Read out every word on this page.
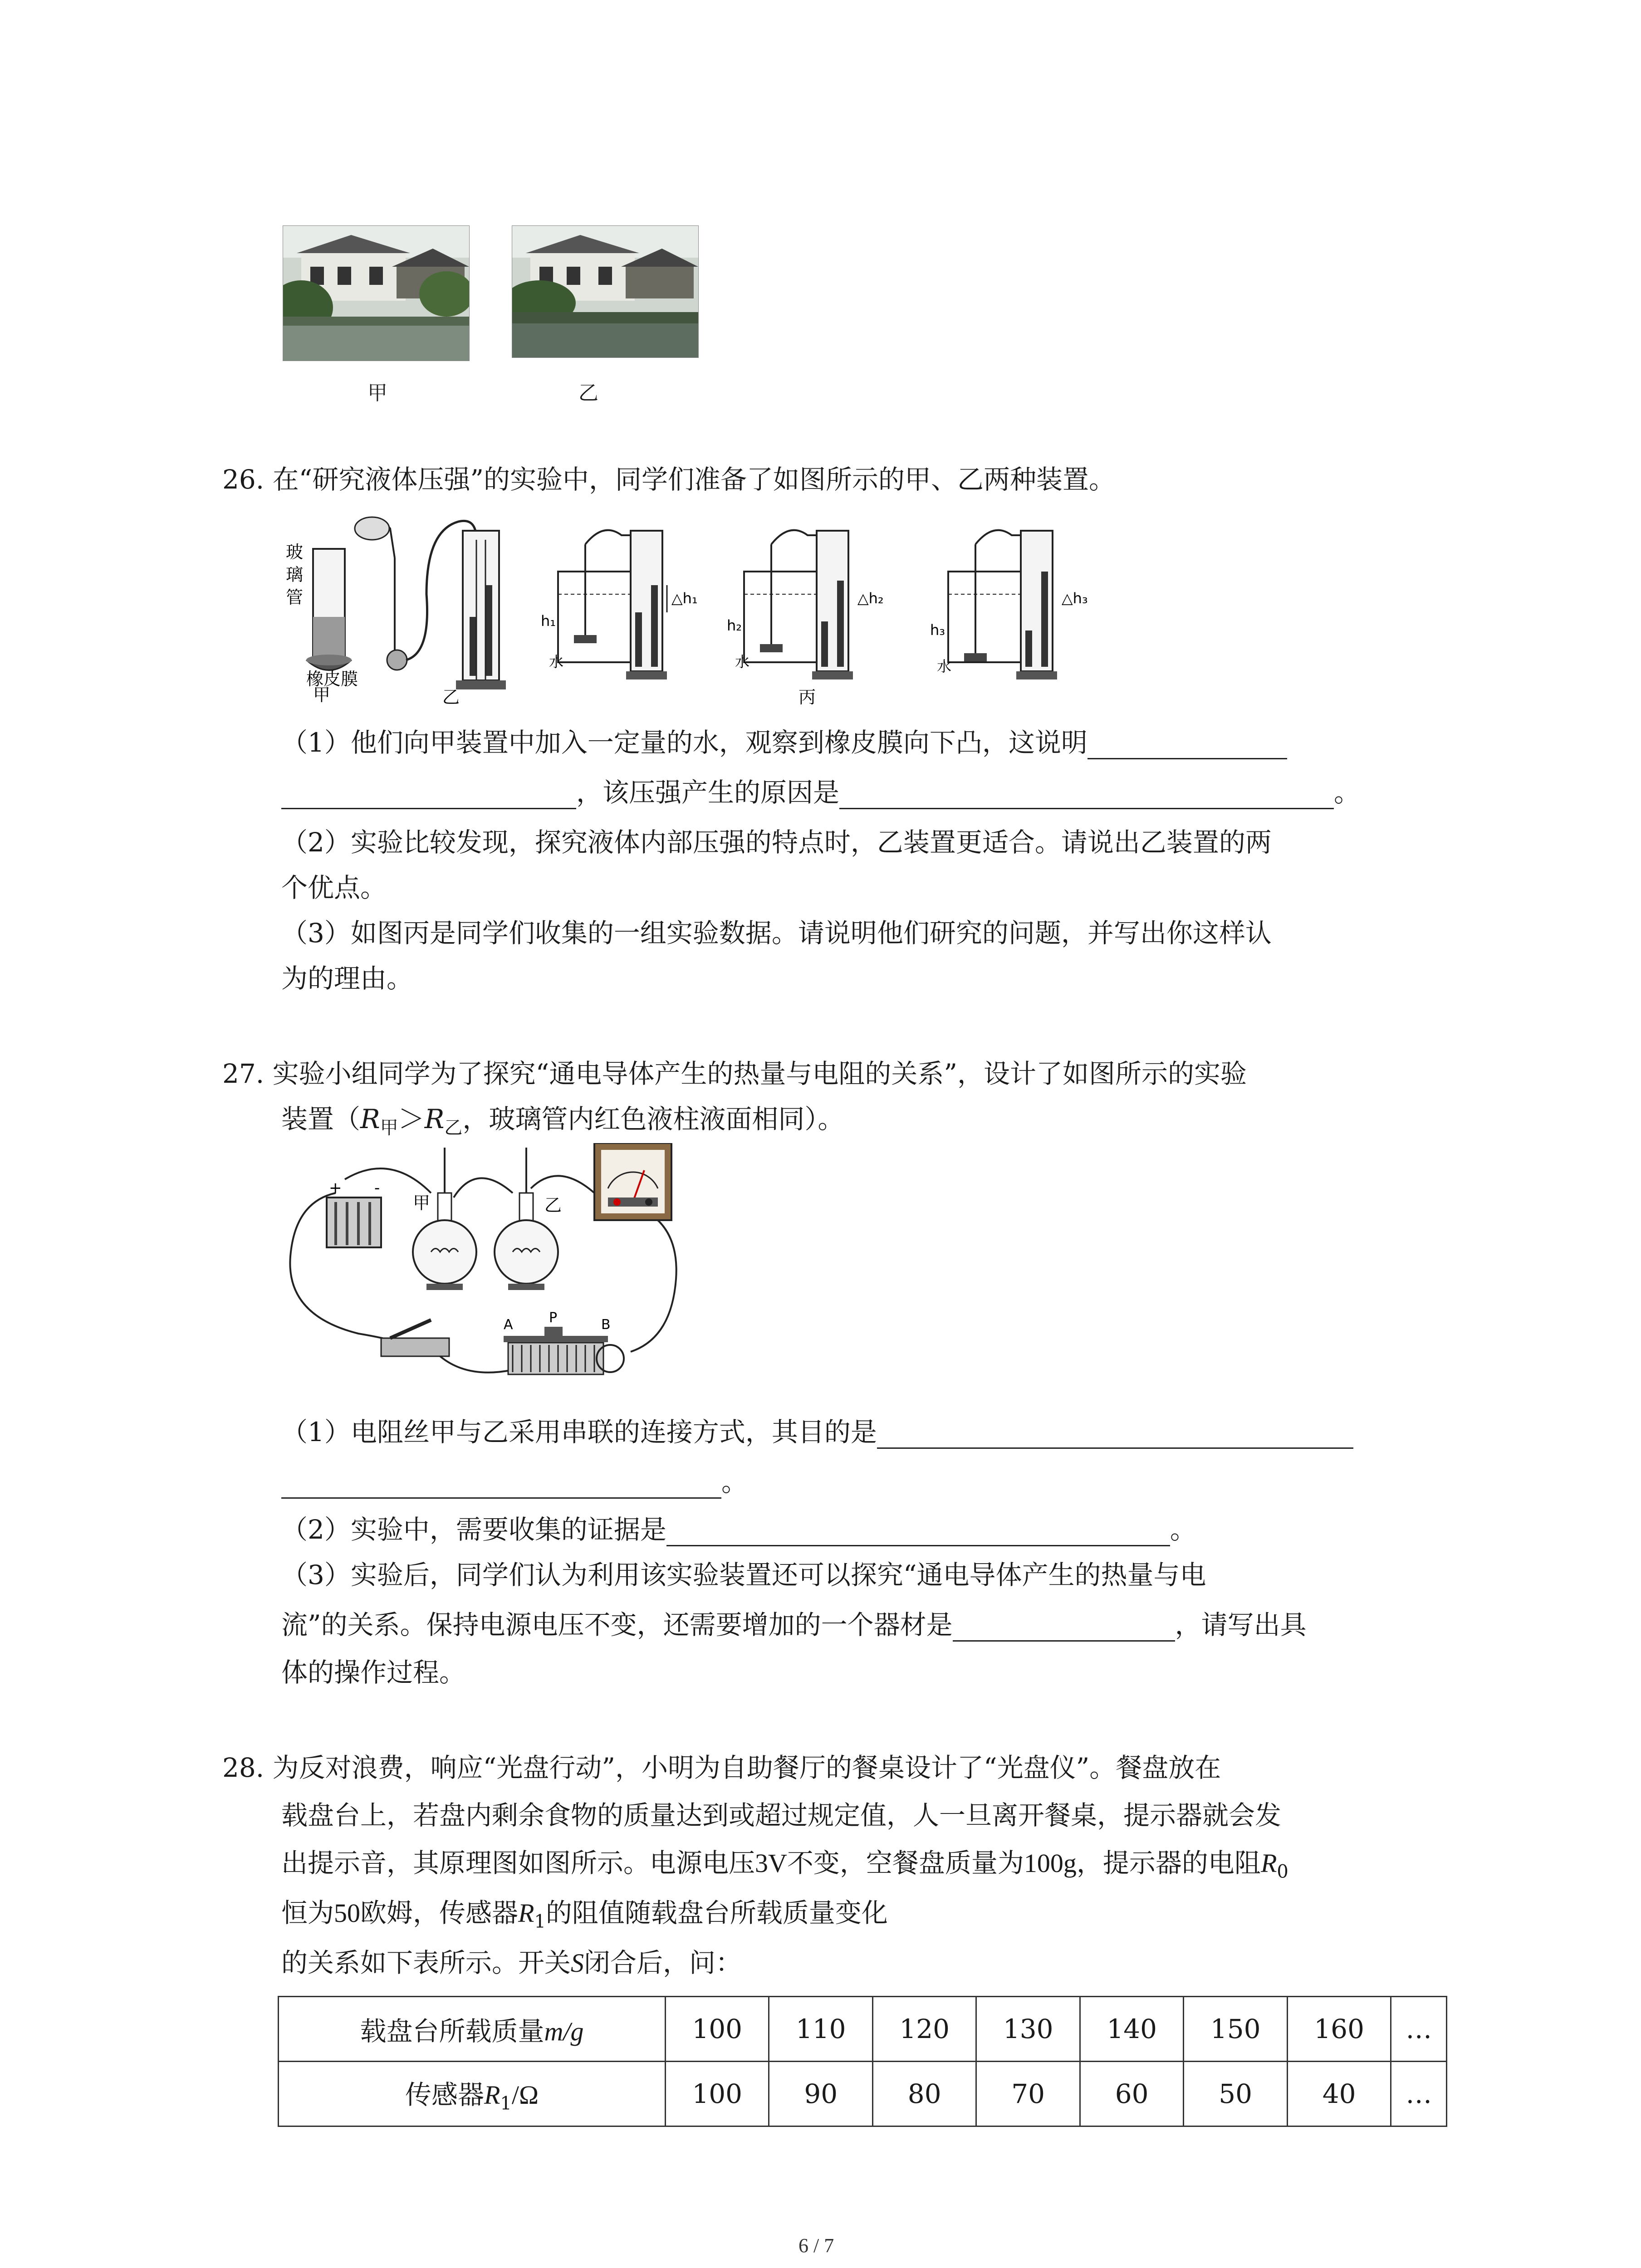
甲	乙
26. 在“研究液体压强”的实验中，同学们准备了如图所示的甲、乙两种装置。
玻
璃
管
橡皮膜
甲	乙
h₁
△h₁
水
h₂
△h₂
水
丙
h₃
△h₃
水
（1）他们向甲装置中加入一定量的水，观察到橡皮膜向下凸，这说明
，该压强产生的原因是	。
（2）实验比较发现，探究液体内部压强的特点时，乙装置更适合。请说出乙装置的两
个优点。
（3）如图丙是同学们收集的一组实验数据。请说明他们研究的问题，并写出你这样认
为的理由。
27. 实验小组同学为了探究“通电导体产生的热量与电阻的关系”，设计了如图所示的实验
装置（$R_甲>R_乙$，玻璃管内红色液柱液面相同）。
+ -
甲	乙
A	P	B
（1）电阻丝甲与乙采用串联的连接方式，其目的是
。
（2）实验中，需要收集的证据是	。
（3）实验后，同学们认为利用该实验装置还可以探究“通电导体产生的热量与电
流”的关系。保持电源电压不变，还需要增加的一个器材是	，请写出具
体的操作过程。
28. 为反对浪费，响应“光盘行动”，小明为自助餐厅的餐桌设计了“光盘仪”。餐盘放在
载盘台上，若盘内剩余食物的质量达到或超过规定值，人一旦离开餐桌，提示器就会发
出提示音，其原理图如图所示。电源电压3V不变，空餐盘质量为100g，提示器的电阻$R_0$
恒为50欧姆，传感器$R_1$的阻值随载盘台所载质量变化
的关系如下表所示。开关S闭合后，问：
载盘台所载质量m/g	100	110	120	130	140	150	160	…
传感器$R_1/\Omega$	100	90	80	70	60	50	40	…
6 / 7
